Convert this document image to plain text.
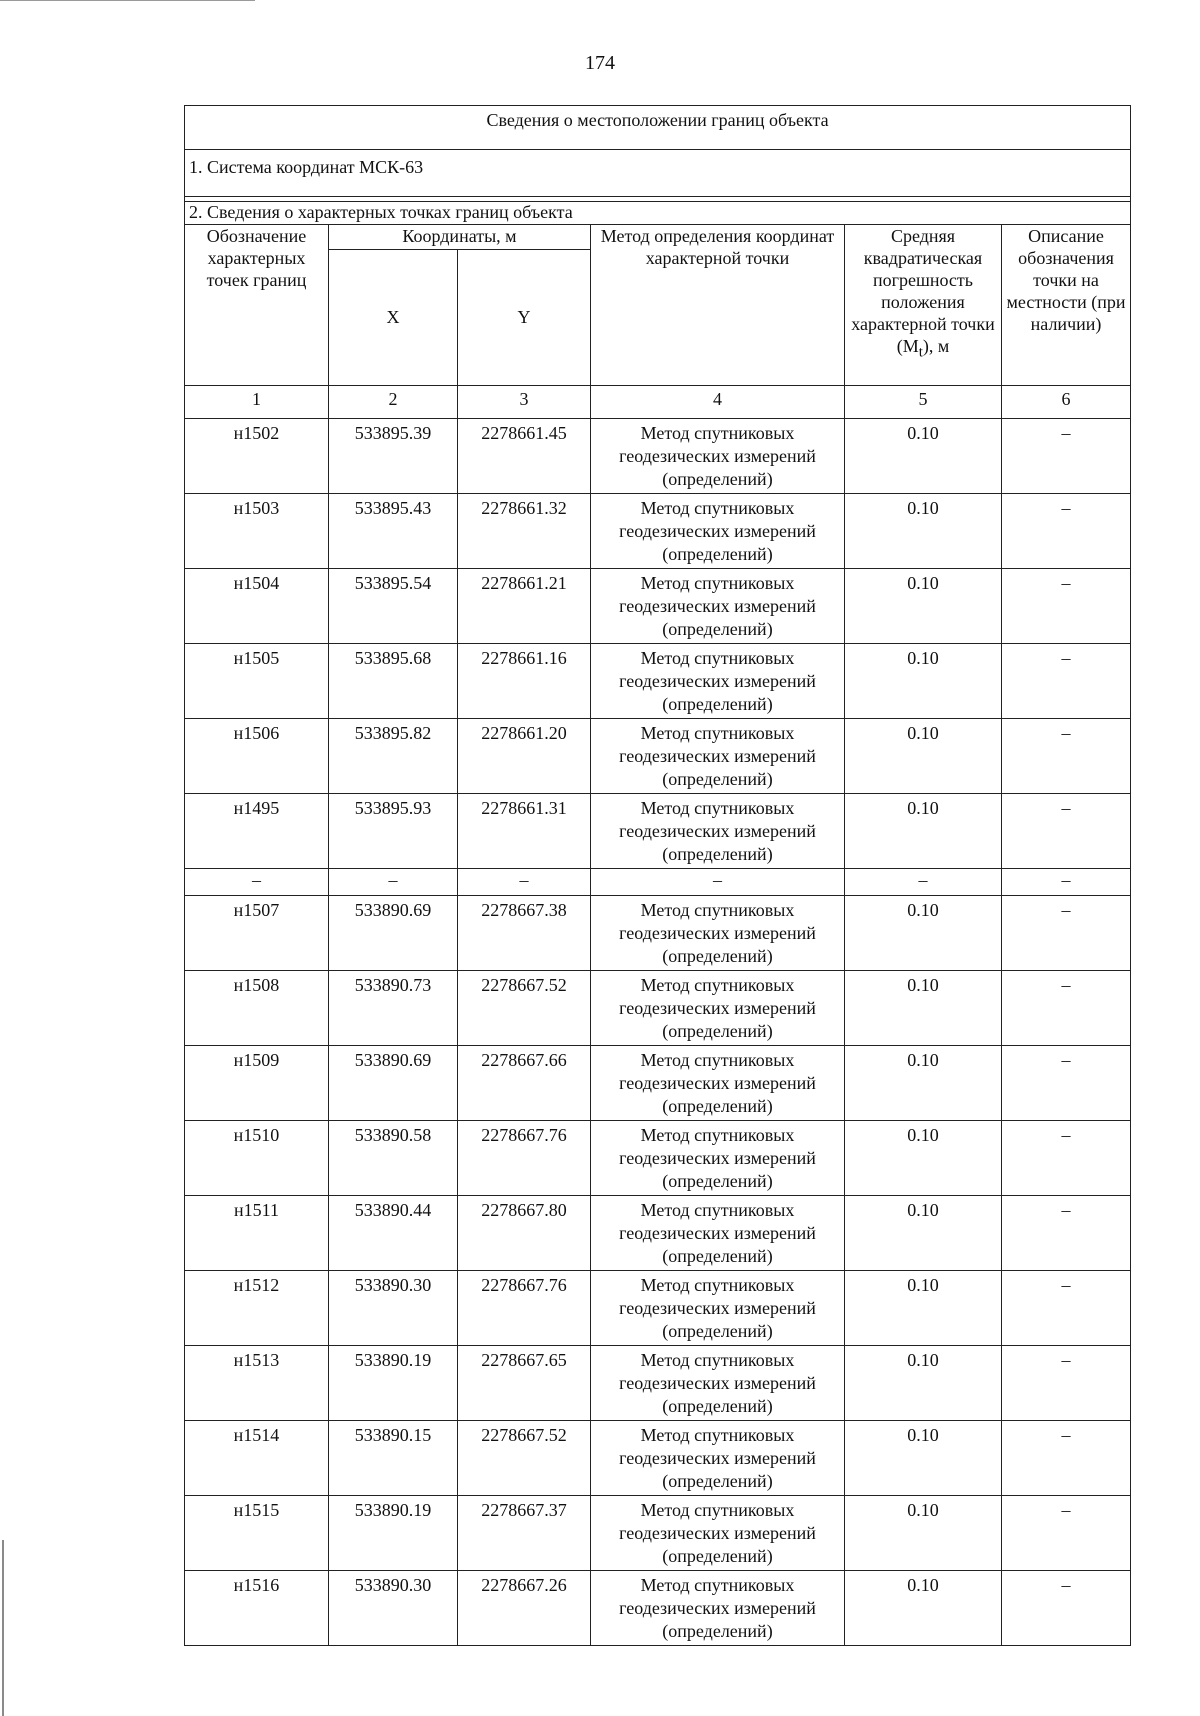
174
Сведения о местоположении границ объекта					
1. Система координат МСК-63					

2. Сведения о характерных точках границ объекта					
Обозначение характерных точек границ	Координаты, м		Метод определения координат характерной точки	Средняя квадратическая погрешность положения характерной точки $(M_t)$, м	Описание обозначения точки на местности (при наличии)
	X	Y			
1	2	3	4	5	6
н1502	533895.39	2278661.45	Метод спутниковых
геодезических измерений
(определений)	0.10	–
н1503	533895.43	2278661.32	Метод спутниковых
геодезических измерений
(определений)	0.10	–
н1504	533895.54	2278661.21	Метод спутниковых
геодезических измерений
(определений)	0.10	–
н1505	533895.68	2278661.16	Метод спутниковых
геодезических измерений
(определений)	0.10	–
н1506	533895.82	2278661.20	Метод спутниковых
геодезических измерений
(определений)	0.10	–
н1495	533895.93	2278661.31	Метод спутниковых
геодезических измерений
(определений)	0.10	–
–	–	–	–	–	–
н1507	533890.69	2278667.38	Метод спутниковых
геодезических измерений
(определений)	0.10	–
н1508	533890.73	2278667.52	Метод спутниковых
геодезических измерений
(определений)	0.10	–
н1509	533890.69	2278667.66	Метод спутниковых
геодезических измерений
(определений)	0.10	–
н1510	533890.58	2278667.76	Метод спутниковых
геодезических измерений
(определений)	0.10	–
н1511	533890.44	2278667.80	Метод спутниковых
геодезических измерений
(определений)	0.10	–
н1512	533890.30	2278667.76	Метод спутниковых
геодезических измерений
(определений)	0.10	–
н1513	533890.19	2278667.65	Метод спутниковых
геодезических измерений
(определений)	0.10	–
н1514	533890.15	2278667.52	Метод спутниковых
геодезических измерений
(определений)	0.10	–
н1515	533890.19	2278667.37	Метод спутниковых
геодезических измерений
(определений)	0.10	–
н1516	533890.30	2278667.26	Метод спутниковых
геодезических измерений
(определений)	0.10	–
